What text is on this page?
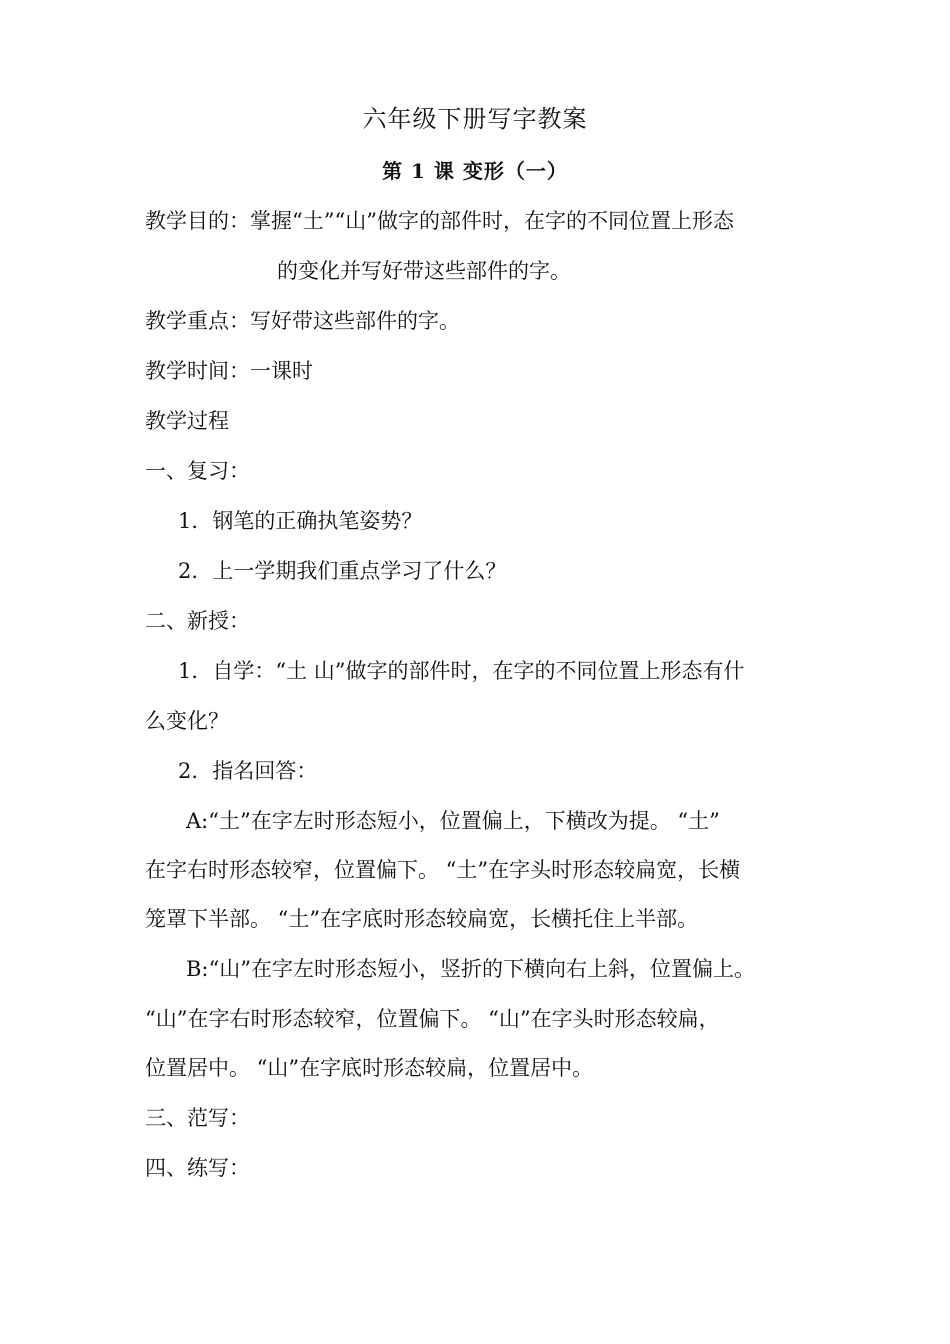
六年级下册写字教案

第 1 课 变形（一）

教学目的：掌握“土”“山”做字的部件时，在字的不同位置上形态

的变化并写好带这些部件的字。

教学重点：写好带这些部件的字。

教学时间：一课时

教学过程

一、复习：

1．钢笔的正确执笔姿势？

2．上一学期我们重点学习了什么？

二、新授：

1．自学：“土 山”做字的部件时，在字的不同位置上形态有什

么变化？

2．指名回答：

A:“土”在字左时形态短小，位置偏上，下横改为提。 “土”

在字右时形态较窄，位置偏下。 “土”在字头时形态较扁宽，长横

笼罩下半部。 “土”在字底时形态较扁宽，长横托住上半部。

B:“山”在字左时形态短小，竖折的下横向右上斜，位置偏上。

“山”在字右时形态较窄，位置偏下。 “山”在字头时形态较扁，

位置居中。 “山”在字底时形态较扁，位置居中。

三、范写：

四、练写：
